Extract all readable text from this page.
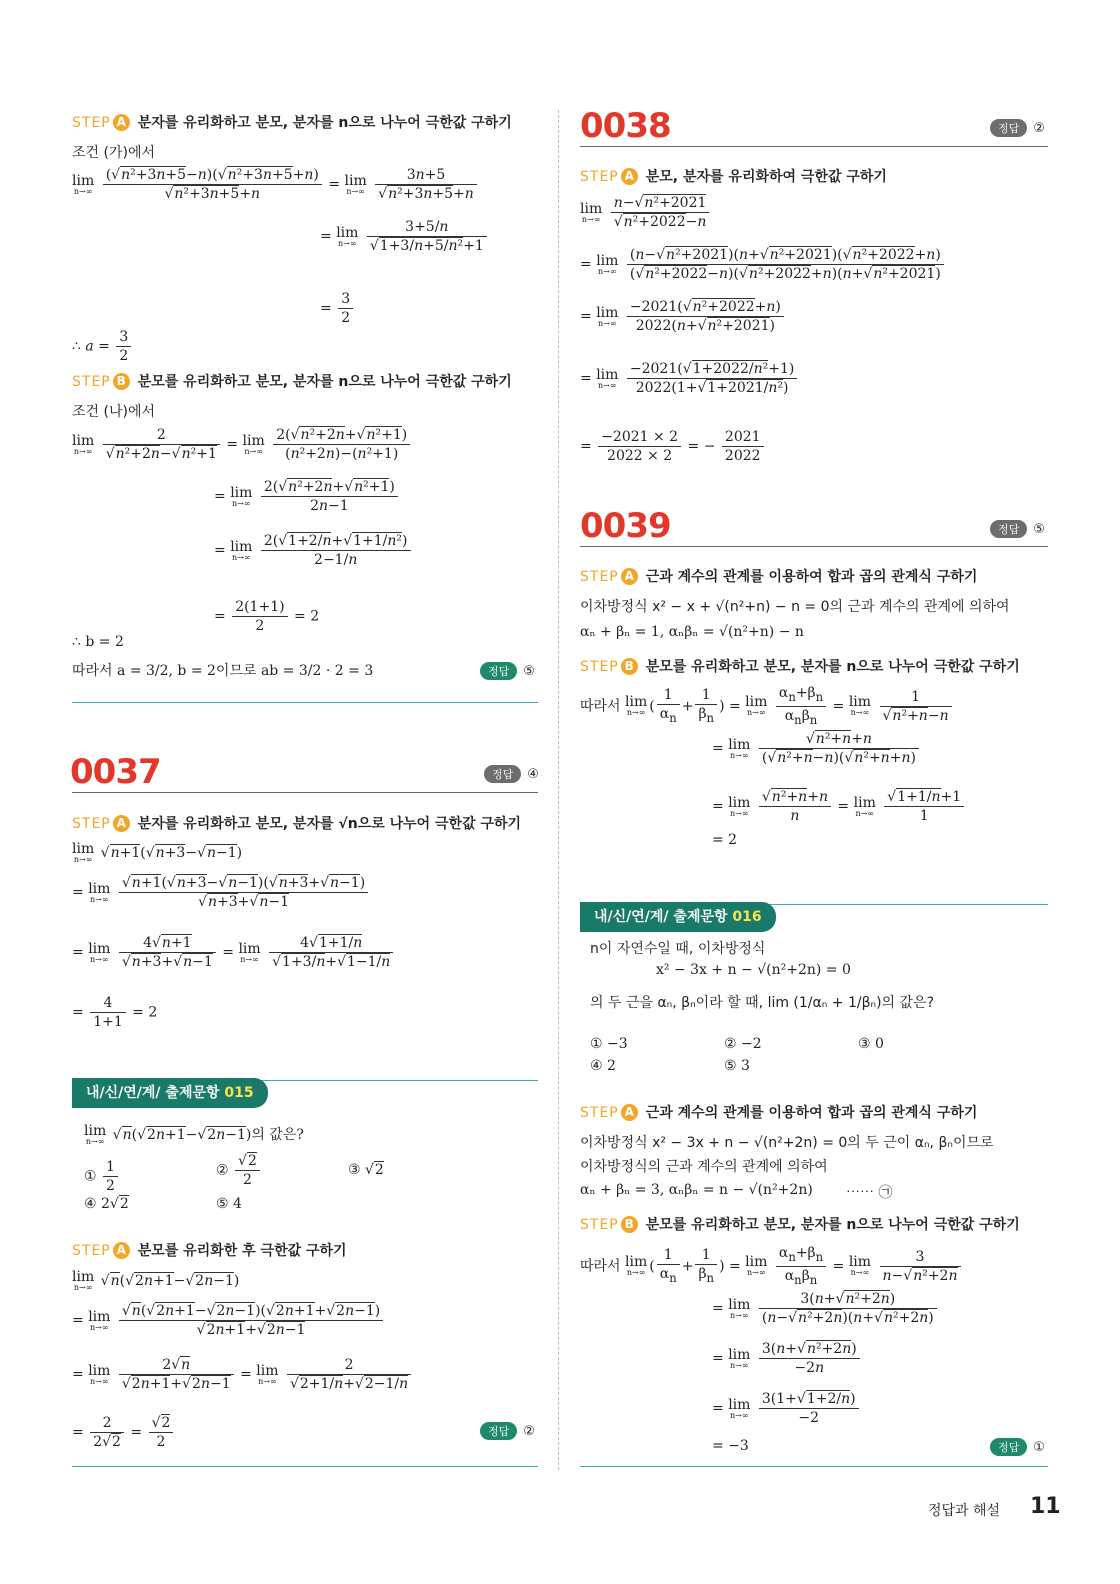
STEP A 분자를 유리화하고 분모, 분자를 n으로 나누어 극한값 구하기
조건 (가)에서
lim
n→∞
$\frac{\text{(√n²+3n+5−n)(√n²+3n+5+n)}}{\text{√n²+3n+5+n}} = \lim$
n→∞
$\frac{3n+5}{\text{√n²+3n+5+n}}$
= lim
n→∞
$\frac{3+5/n}{\text{√1+3/n+5/n²+1}}$
= $\frac{3}{2}$
∴ $a = \frac{3}{2}$
STEP B 분모를 유리화하고 분모, 분자를 n으로 나누어 극한값 구하기
조건 (나)에서
lim
n→∞
$\frac{2}{\text{√n²+2n−√n²+1}} = \lim$
n→∞
$\frac{\text{2(√n²+2n+√n²+1)}}{\text{(n²+2n)−(n²+1)}}$
= lim
n→∞
$\frac{\text{2(√n²+2n+√n²+1)}}{2n-1}$
= lim
n→∞
$\frac{\text{2(√1+2/n+√1+1/n²)}}{2-1/n}$
= $\frac{2(1+1)}{2} = 2$
∴ b = 2
따라서 a = 3/2, b = 2이므로 ab = 3/2 · 2 = 3	정답 ⑤
0037	정답 ④
STEP A 분자를 유리화하고 분모, 분자를 √n으로 나누어 극한값 구하기
lim
n→∞ √n+1(√n+3−√n−1)
= lim
n→∞
$\frac{√n+1(√n+3-√n-1)(√n+3+√n-1)}{√n+3+√n-1}$
= lim
n→∞
$\frac{4√n+1}{√n+3+√n-1} = \lim$
n→∞
$\frac{4√1+1/n}{√1+3/n+√1-1/n}$
= $\frac{4}{1+1} = 2$
내/신/연/계/ 출제문항 015
lim
n→∞ √n(√2n+1−√2n−1)의 값은?
① $\frac{1}{2}$	② $\frac{√2}{2}$	③ √2
④ 2√2	⑤ 4
STEP A 분모를 유리화한 후 극한값 구하기
lim
n→∞ √n(√2n+1−√2n−1)
= lim
n→∞
$\frac{√n(√2n+1-√2n-1)(√2n+1+√2n-1)}{√2n+1+√2n-1}$
= lim
n→∞
$\frac{2√n}{√2n+1+√2n-1} = \lim$
n→∞
$\frac{2}{√2+1/n+√2-1/n}$
= $\frac{2}{2√2} = \frac{√2}{2}$	정답 ②
0038	정답 ②
STEP A 분모, 분자를 유리화하여 극한값 구하기
lim
n→∞
$\frac{\text{n−√n²+2021}}{\text{√n²+2022−n}}$
= lim
n→∞
$\frac{\text{(n−√n²+2021)(n+√n²+2021)(√n²+2022+n)}}{\text{(√n²+2022−n)(√n²+2022+n)(n+√n²+2021)}}$
= lim
n→∞
$\frac{\text{−2021(√n²+2022+n)}}{\text{2022(n+√n²+2021)}}$
= lim
n→∞
$\frac{\text{−2021(√1+2022/n²+1)}}{\text{2022(1+√1+2021/n²)}}$
= $\frac{-2021 \times 2}{2022 \times 2}$ = − $\frac{2021}{2022}$
0039	정답 ⑤
STEP A 근과 계수의 관계를 이용하여 합과 곱의 관계식 구하기
이차방정식 x² − x + √(n²+n) − n = 0의 근과 계수의 관계에 의하여
αₙ + βₙ = 1, αₙβₙ = √(n²+n) − n
STEP B 분모를 유리화하고 분모, 분자를 n으로 나누어 극한값 구하기
따라서 lim
n→∞ ( $\frac{1}{\alpha_n} + \frac{1}{\beta_n}$ ) = lim
n→∞
$\frac{\alpha_n+\beta_n}{\alpha_n\beta_n} = \lim$
n→∞
$\frac{1}{\text{√n²+n−n}}$
= lim
n→∞
$\frac{\text{√n²+n+n}}{\text{(√n²+n−n)(√n²+n+n)}}$
= lim
n→∞
$\frac{\text{√n²+n+n}}{n} = \lim$
n→∞
$\frac{√1+1/n+1}{1}$
= 2
내/신/연/계/ 출제문항 016
n이 자연수일 때, 이차방정식
x² − 3x + n − √(n²+2n) = 0
의 두 근을 αₙ, βₙ이라 할 때, lim (1/αₙ + 1/βₙ)의 값은?
① −3	② −2	③ 0
④ 2	⑤ 3
STEP A 근과 계수의 관계를 이용하여 합과 곱의 관계식 구하기
이차방정식 x² − 3x + n − √(n²+2n) = 0의 두 근이 αₙ, βₙ이므로
이차방정식의 근과 계수의 관계에 의하여
αₙ + βₙ = 3, αₙβₙ = n − √(n²+2n) ⋯⋯ ㉠
STEP B 분모를 유리화하고 분모, 분자를 n으로 나누어 극한값 구하기
따라서 lim
n→∞ ( $\frac{1}{\alpha_n} + \frac{1}{\beta_n}$ ) = lim
n→∞
$\frac{\alpha_n+\beta_n}{\alpha_n\beta_n} = \lim$
n→∞
$\frac{3}{\text{n−√n²+2n}}$
= lim
n→∞
$\frac{\text{3(n+√n²+2n)}}{\text{(n−√n²+2n)(n+√n²+2n)}}$
= lim
n→∞
$\frac{\text{3(n+√n²+2n)}}{-2n}$
= lim
n→∞
$\frac{3(1+√1+2/n)}{-2}$
= −3	정답 ①
정답과 해설 11
